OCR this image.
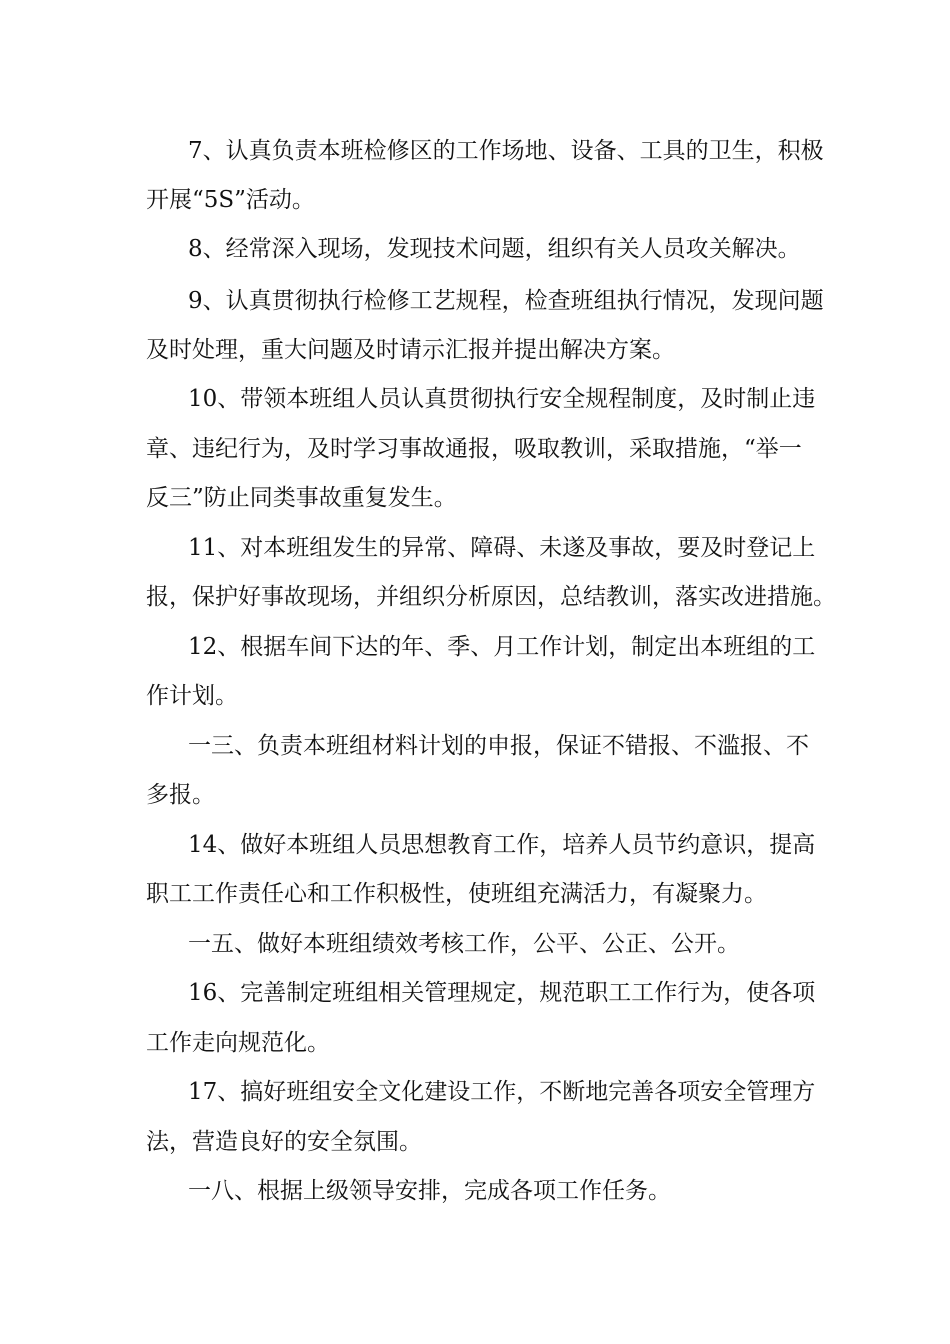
7、认真负责本班检修区的工作场地、设备、工具的卫生，积极
开展“5S”活动。
8、经常深入现场，发现技术问题，组织有关人员攻关解决。
9、认真贯彻执行检修工艺规程，检查班组执行情况，发现问题
及时处理，重大问题及时请示汇报并提出解决方案。
10、带领本班组人员认真贯彻执行安全规程制度，及时制止违
章、违纪行为，及时学习事故通报，吸取教训，采取措施，“举一
反三”防止同类事故重复发生。
11、对本班组发生的异常、障碍、未遂及事故，要及时登记上
报，保护好事故现场，并组织分析原因，总结教训，落实改进措施。
12、根据车间下达的年、季、月工作计划，制定出本班组的工
作计划。
一三、负责本班组材料计划的申报，保证不错报、不滥报、不
多报。
14、做好本班组人员思想教育工作，培养人员节约意识，提高
职工工作责任心和工作积极性，使班组充满活力，有凝聚力。
一五、做好本班组绩效考核工作，公平、公正、公开。
16、完善制定班组相关管理规定，规范职工工作行为，使各项
工作走向规范化。
17、搞好班组安全文化建设工作，不断地完善各项安全管理方
法，营造良好的安全氛围。
一八、根据上级领导安排，完成各项工作任务。
